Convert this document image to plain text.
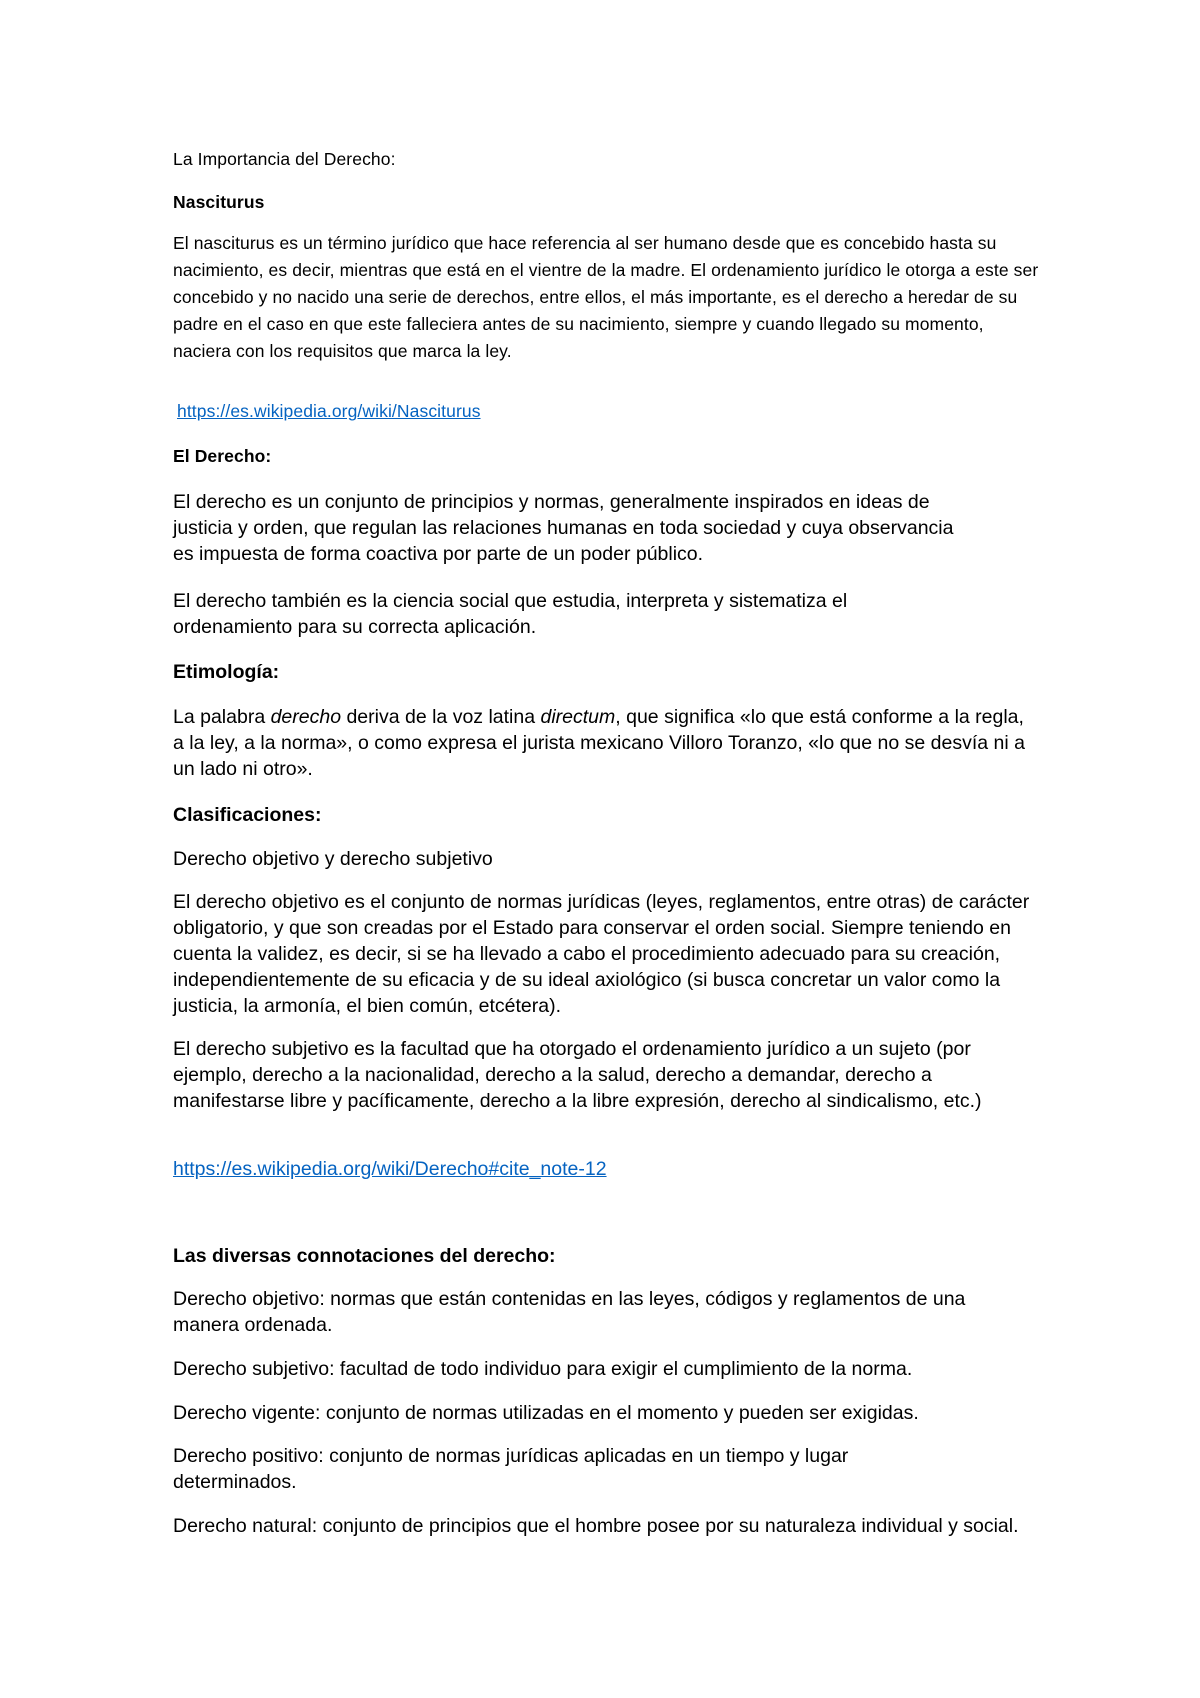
La Importancia del Derecho:

Nasciturus

El nasciturus es un término jurídico que hace referencia al ser humano desde que es concebido hasta su nacimiento, es decir, mientras que está en el vientre de la madre. El ordenamiento jurídico le otorga a este ser concebido y no nacido una serie de derechos, entre ellos, el más importante, es el derecho a heredar de su padre en el caso en que este falleciera antes de su nacimiento, siempre y cuando llegado su momento, naciera con los requisitos que marca la ley.

https://es.wikipedia.org/wiki/Nasciturus

El Derecho:

El derecho es un conjunto de principios y normas, generalmente inspirados en ideas de justicia y orden, que regulan las relaciones humanas en toda sociedad y cuya observancia es impuesta de forma coactiva por parte de un poder público.

El derecho también es la ciencia social que estudia, interpreta y sistematiza el ordenamiento para su correcta aplicación.

Etimología:

La palabra derecho deriva de la voz latina directum, que significa «lo que está conforme a la regla, a la ley, a la norma», o como expresa el jurista mexicano Villoro Toranzo, «lo que no se desvía ni a un lado ni otro».

Clasificaciones:

Derecho objetivo y derecho subjetivo

El derecho objetivo es el conjunto de normas jurídicas (leyes, reglamentos, entre otras) de carácter obligatorio, y que son creadas por el Estado para conservar el orden social. Siempre teniendo en cuenta la validez, es decir, si se ha llevado a cabo el procedimiento adecuado para su creación, independientemente de su eficacia y de su ideal axiológico (si busca concretar un valor como la justicia, la armonía, el bien común, etcétera).

El derecho subjetivo es la facultad que ha otorgado el ordenamiento jurídico a un sujeto (por ejemplo, derecho a la nacionalidad, derecho a la salud, derecho a demandar, derecho a manifestarse libre y pacíficamente, derecho a la libre expresión, derecho al sindicalismo, etc.)

https://es.wikipedia.org/wiki/Derecho#cite_note-12

Las diversas connotaciones del derecho:

Derecho objetivo: normas que están contenidas en las leyes, códigos y reglamentos de una manera ordenada.

Derecho subjetivo: facultad de todo individuo para exigir el cumplimiento de la norma.

Derecho vigente: conjunto de normas utilizadas en el momento y pueden ser exigidas.

Derecho positivo: conjunto de normas jurídicas aplicadas en un tiempo y lugar determinados.

Derecho natural: conjunto de principios que el hombre posee por su naturaleza individual y social.
